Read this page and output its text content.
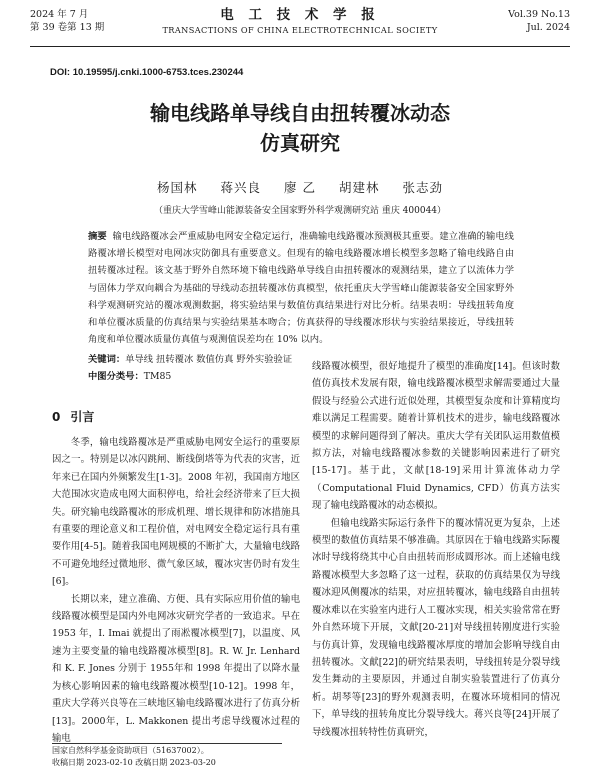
2024 年 7 月
第 39 卷第 13 期
电 工 技 术 学 报
TRANSACTIONS OF CHINA ELECTROTECHNICAL SOCIETY
Vol.39 No.13
Jul. 2024
DOI: 10.19595/j.cnki.1000-6753.tces.230244
输电线路单导线自由扭转覆冰动态
仿真研究
杨国林 蒋兴良 廖 乙 胡建林 张志劲
（重庆大学雪峰山能源装备安全国家野外科学观测研究站 重庆 400044）
摘要 输电线路覆冰会严重威胁电网安全稳定运行，准确输电线路覆冰预测极其重要。建立准确的输电线路覆冰增长模型对电网冰灾防御具有重要意义。但现有的输电线路覆冰增长模型多忽略了输电线路自由扭转覆冰过程。该文基于野外自然环境下输电线路单导线自由扭转覆冰的观测结果，建立了以流体力学与固体力学双向耦合为基础的导线动态扭转覆冰仿真模型，依托重庆大学雪峰山能源装备安全国家野外科学观测研究站的覆冰观测数据，将实验结果与数值仿真结果进行对比分析。结果表明：导线扭转角度和单位覆冰质量的仿真结果与实验结果基本吻合；仿真获得的导线覆冰形状与实验结果接近，导线扭转角度和单位覆冰质量仿真值与观测值误差均在 10% 以内。
关键词：单导线 扭转覆冰 数值仿真 野外实验验证
中图分类号：TM85
0 引言

冬季，输电线路覆冰是严重威胁电网安全运行的重要原因之一。特别是以冰闪跳闸、断线倒塔等为代表的灾害，近年来已在国内外频繁发生[1-3]。2008 年初，我国南方地区大范围冰灾造成电网大面积停电，给社会经济带来了巨大损失。研究输电线路覆冰的形成机理、增长规律和防冰措施具有重要的理论意义和工程价值，对电网安全稳定运行具有重要作用[4-5]。随着我国电网规模的不断扩大，大量输电线路不可避免地经过微地形、微气象区域，覆冰灾害仍时有发生[6]。

长期以来，建立准确、方便、具有实际应用价值的输电线路覆冰模型是国内外电网冰灾研究学者的一致追求。早在 1953 年，I. Imai 就提出了雨凇覆冰模型[7]，以温度、风速为主要变量的输电线路覆冰模型[8]。R. W. Jr. Lenhard 和 K. F. Jones 分别于 1955年和 1998 年提出了以降水量为核心影响因素的输电线路覆冰模型[10-12]。1998 年，重庆大学蒋兴良等在三峡地区输电线路覆冰进行了仿真分析[13]。2000年，L. Makkonen 提出考虑导线覆冰过程的输电

线路覆冰模型，很好地提升了模型的准确度[14]。但该时数值仿真技术发展有限，输电线路覆冰模型求解需要通过大量假设与经验公式进行近似处理，其模型复杂度和计算精度均难以满足工程需要。随着计算机技术的进步，输电线路覆冰模型的求解问题得到了解决。重庆大学有关团队运用数值模拟方法，对输电线路覆冰参数的关键影响因素进行了研究[15-17]。基于此，文献[18-19]采用计算流体动力学（Computational Fluid Dynamics, CFD）仿真方法实现了输电线路覆冰的动态模拟。

但输电线路实际运行条件下的覆冰情况更为复杂，上述模型的数值仿真结果不够准确。其原因在于输电线路实际覆冰时导线将绕其中心自由扭转而形成圆形冰。而上述输电线路覆冰模型大多忽略了这一过程，获取的仿真结果仅为导线覆冰迎风侧覆冰的结果，对应扭转覆冰，输电线路自由扭转覆冰难以在实验室内进行人工覆冰实现，相关实验常常在野外自然环境下开展，文献[20-21]对导线扭转刚度进行实验与仿真计算，发现输电线路覆冰厚度的增加会影响导线自由扭转覆冰。文献[22]的研究结果表明，导线扭转是分裂导线发生舞动的主要原因，并通过自制实验装置进行了仿真分析。胡琴等[23]的野外观测表明，在覆冰环境相同的情况下，单导线的扭转角度比分裂导线大。蒋兴良等[24]开展了导线覆冰扭转特性仿真研究，

国家自然科学基金资助项目（51637002）。
收稿日期 2023-02-10 改稿日期 2023-03-20
